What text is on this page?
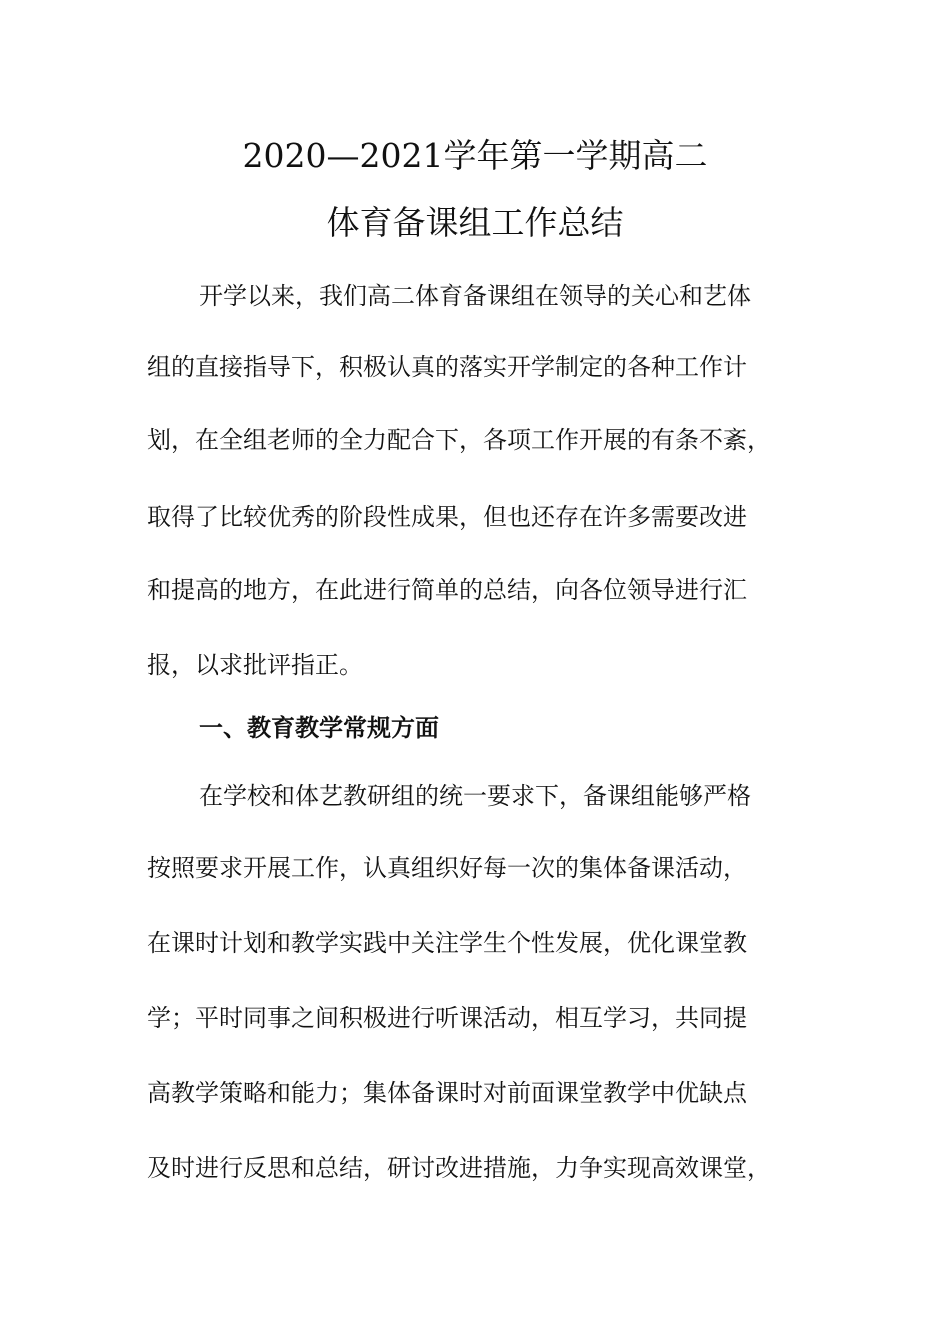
2020—2021学年第一学期高二
体育备课组工作总结
开学以来，我们高二体育备课组在领导的关心和艺体
组的直接指导下，积极认真的落实开学制定的各种工作计
划，在全组老师的全力配合下，各项工作开展的有条不紊，
取得了比较优秀的阶段性成果，但也还存在许多需要改进
和提高的地方，在此进行简单的总结，向各位领导进行汇
报，以求批评指正。
一、教育教学常规方面
在学校和体艺教研组的统一要求下，备课组能够严格
按照要求开展工作，认真组织好每一次的集体备课活动，
在课时计划和教学实践中关注学生个性发展，优化课堂教
学；平时同事之间积极进行听课活动，相互学习，共同提
高教学策略和能力；集体备课时对前面课堂教学中优缺点
及时进行反思和总结，研讨改进措施，力争实现高效课堂，
